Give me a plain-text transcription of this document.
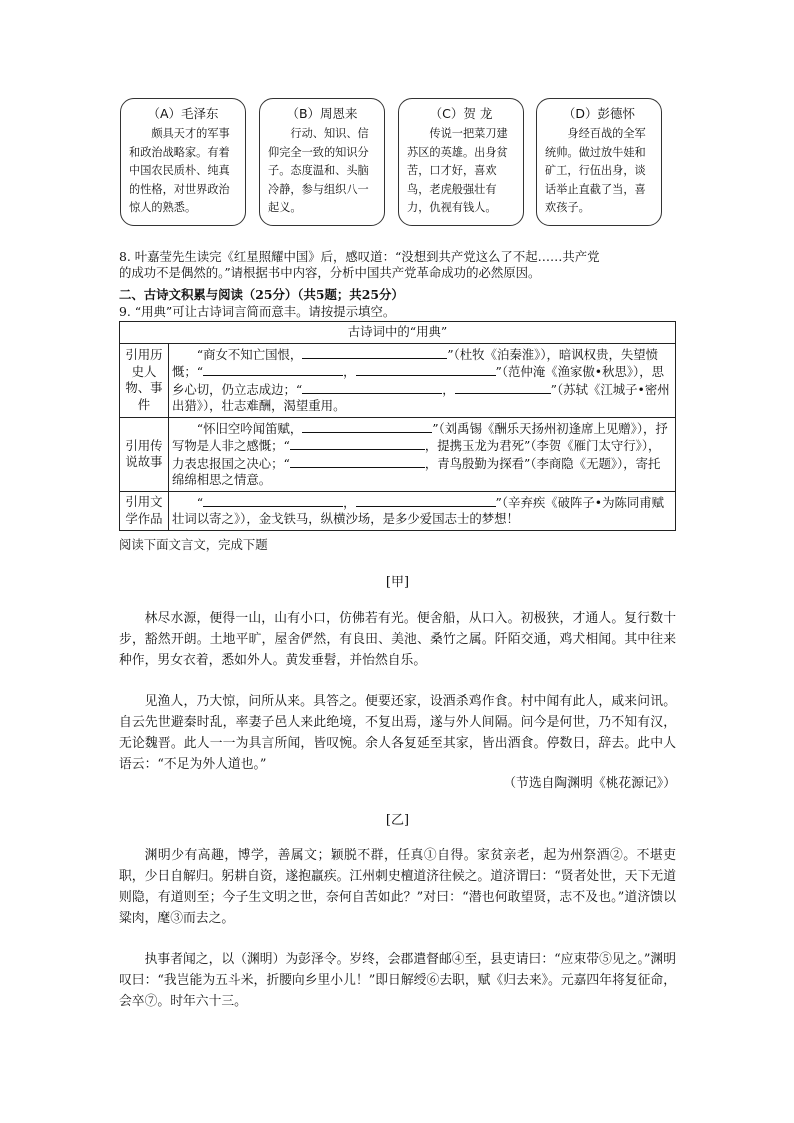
（A）毛泽东
颇具天才的军事和政治战略家。有着中国农民质朴、纯真的性格，对世界政治惊人的熟悉。
（B）周恩来
行动、知识、信仰完全一致的知识分子。态度温和、头脑冷静，参与组织八一起义。
（C）贺 龙
传说一把菜刀建苏区的英雄。出身贫苦，口才好，喜欢鸟，老虎般强壮有力，仇视有钱人。
（D）彭德怀
身经百战的全军统帅。做过放牛娃和矿工，行伍出身，谈话举止直截了当，喜欢孩子。
8. 叶嘉莹先生读完《红星照耀中国》后，感叹道：“没想到共产党这么了不起……共产党
的成功不是偶然的。”请根据书中内容，分析中国共产党革命成功的必然原因。
二、古诗文积累与阅读（25分）（共5题；共25分）
9. “用典”可让古诗词言简而意丰。请按提示填空。
古诗词中的“用典”	
引用历史人物、事件	“商女不知亡国恨， ”（杜牧《泊秦淮》），暗讽权贵，失望愤慨；“ ， ”（范仲淹《渔家傲•秋思》），思乡心切，仍立志成边；“ ， ”（苏轼《江城子•密州出猎》），壮志难酬，渴望重用。
引用传说故事	“怀旧空吟闻笛赋， ”（刘禹锡《酬乐天扬州初逢席上见赠》），抒写物是人非之感慨；“ ，提携玉龙为君死”（李贺《雁门太守行》），力表忠报国之决心；“ ，青鸟殷勤为探看”（李商隐《无题》），寄托绵绵相思之情意。
引用文学作品	“ ， ”（辛弃疾《破阵子•为陈同甫赋壮词以寄之》），金戈铁马，纵横沙场，是多少爱国志士的梦想！
阅读下面文言文，完成下题
[甲]

林尽水源，便得一山，山有小口，仿佛若有光。便舍船，从口入。初极狭，才通人。复行数十步，豁然开朗。土地平旷，屋舍俨然，有良田、美池、桑竹之属。阡陌交通，鸡犬相闻。其中往来种作，男女衣着，悉如外人。黄发垂髫，并怡然自乐。

见渔人，乃大惊，问所从来。具答之。便要还家，设酒杀鸡作食。村中闻有此人，咸来问讯。自云先世避秦时乱，率妻子邑人来此绝境，不复出焉，遂与外人间隔。问今是何世，乃不知有汉，无论魏晋。此人一一为具言所闻，皆叹惋。余人各复延至其家，皆出酒食。停数日，辞去。此中人语云：“不足为外人道也。”

（节选自陶渊明《桃花源记》）
[乙]

渊明少有高趣，博学，善属文；颖脱不群，任真①自得。家贫亲老，起为州祭酒②。不堪吏职，少日自解归。躬耕自资，遂抱羸疾。江州刺史檀道济往候之。道济谓曰：“贤者处世，天下无道则隐，有道则至；今子生文明之世，奈何自苦如此？”对曰：“潜也何敢望贤，志不及也。”道济馈以粱肉，麾③而去之。

执事者闻之，以（渊明）为彭泽令。岁终，会郡遣督邮④至，县吏请曰：“应束带⑤见之。”渊明叹曰：“我岂能为五斗米，折腰向乡里小儿！”即日解绶⑥去职，赋《归去来》。元嘉四年将复征命，会卒⑦。时年六十三。
